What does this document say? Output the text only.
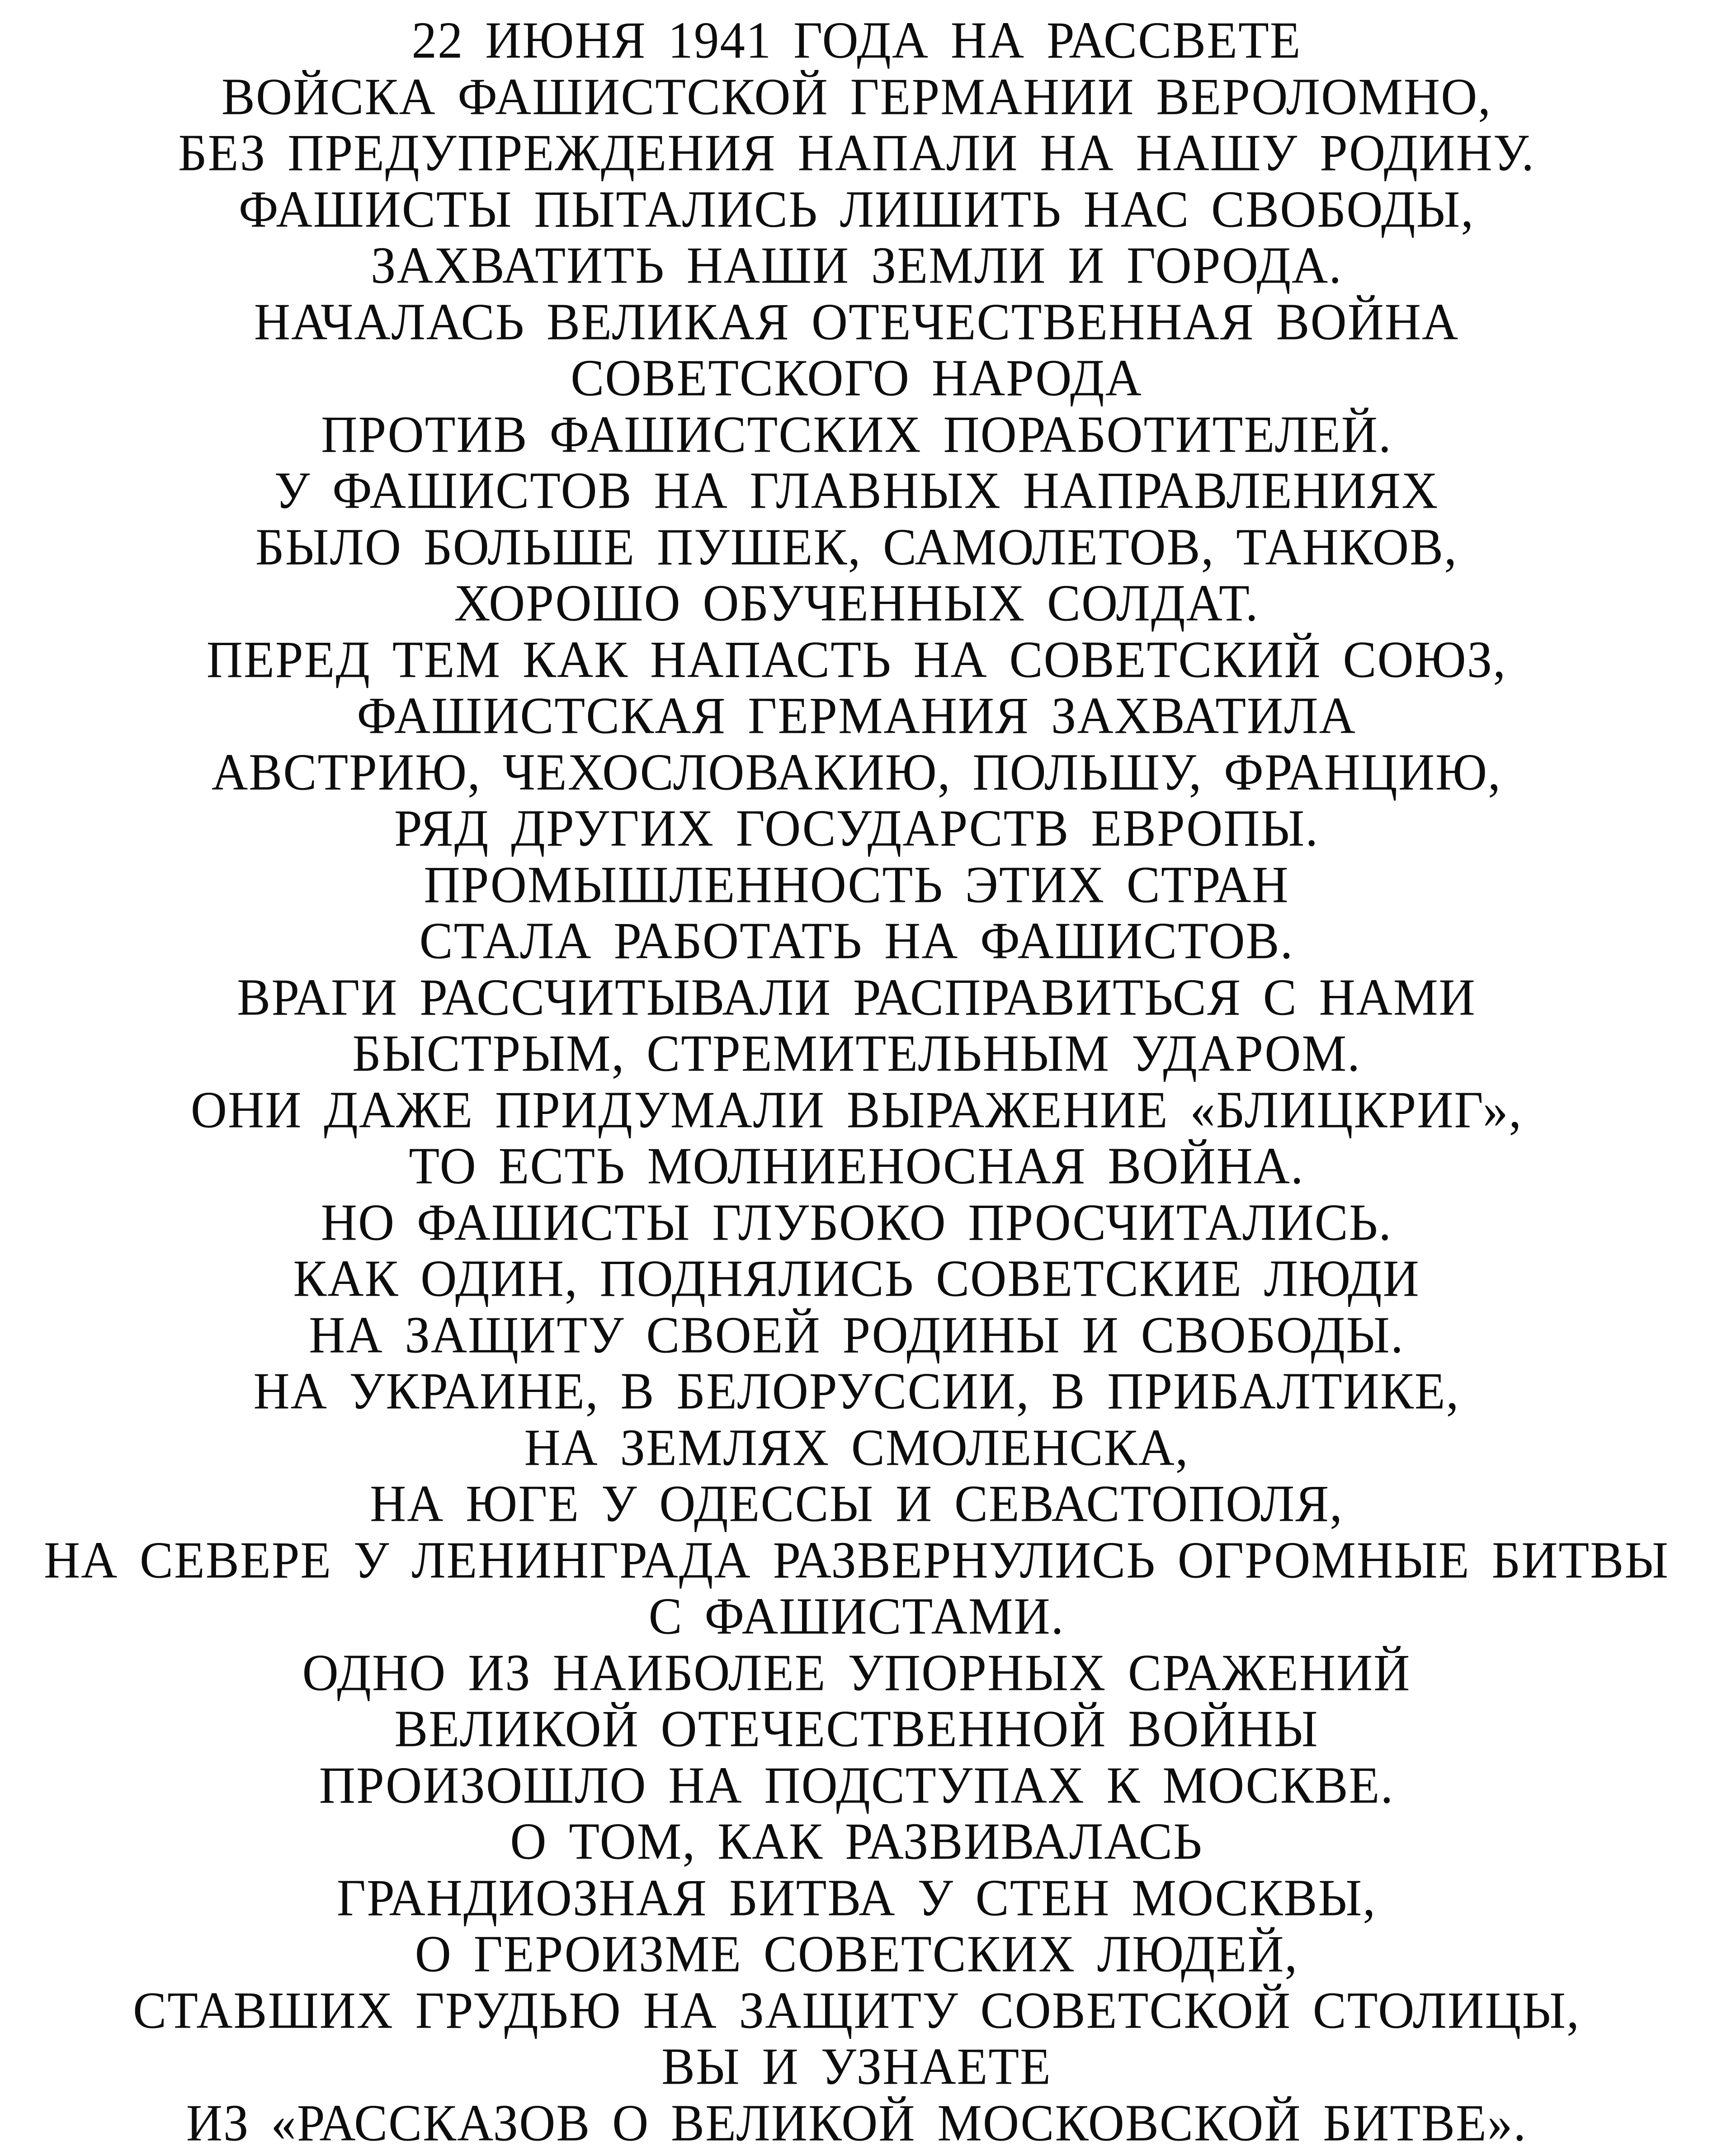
22 ИЮНЯ 1941 ГОДА НА РАССВЕТЕ
ВОЙСКА ФАШИСТСКОЙ ГЕРМАНИИ ВЕРОЛОМНО,
БЕЗ ПРЕДУПРЕЖДЕНИЯ НАПАЛИ НА НАШУ РОДИНУ.
ФАШИСТЫ ПЫТАЛИСЬ ЛИШИТЬ НАС СВОБОДЫ,
ЗАХВАТИТЬ НАШИ ЗЕМЛИ И ГОРОДА.
НАЧАЛАСЬ ВЕЛИКАЯ ОТЕЧЕСТВЕННАЯ ВОЙНА
СОВЕТСКОГО НАРОДА
ПРОТИВ ФАШИСТСКИХ ПОРАБОТИТЕЛЕЙ.
У ФАШИСТОВ НА ГЛАВНЫХ НАПРАВЛЕНИЯХ
БЫЛО БОЛЬШЕ ПУШЕК, САМОЛЕТОВ, ТАНКОВ,
ХОРОШО ОБУЧЕННЫХ СОЛДАТ.
ПЕРЕД ТЕМ КАК НАПАСТЬ НА СОВЕТСКИЙ СОЮЗ,
ФАШИСТСКАЯ ГЕРМАНИЯ ЗАХВАТИЛА
АВСТРИЮ, ЧЕХОСЛОВАКИЮ, ПОЛЬШУ, ФРАНЦИЮ,
РЯД ДРУГИХ ГОСУДАРСТВ ЕВРОПЫ.
ПРОМЫШЛЕННОСТЬ ЭТИХ СТРАН
СТАЛА РАБОТАТЬ НА ФАШИСТОВ.
ВРАГИ РАССЧИТЫВАЛИ РАСПРАВИТЬСЯ С НАМИ
БЫСТРЫМ, СТРЕМИТЕЛЬНЫМ УДАРОМ.
ОНИ ДАЖЕ ПРИДУМАЛИ ВЫРАЖЕНИЕ «БЛИЦКРИГ»,
ТО ЕСТЬ МОЛНИЕНОСНАЯ ВОЙНА.
НО ФАШИСТЫ ГЛУБОКО ПРОСЧИТАЛИСЬ.
КАК ОДИН, ПОДНЯЛИСЬ СОВЕТСКИЕ ЛЮДИ
НА ЗАЩИТУ СВОЕЙ РОДИНЫ И СВОБОДЫ.
НА УКРАИНЕ, В БЕЛОРУССИИ, В ПРИБАЛТИКЕ,
НА ЗЕМЛЯХ СМОЛЕНСКА,
НА ЮГЕ У ОДЕССЫ И СЕВАСТОПОЛЯ,
НА СЕВЕРЕ У ЛЕНИНГРАДА РАЗВЕРНУЛИСЬ ОГРОМНЫЕ БИТВЫ
С ФАШИСТАМИ.
ОДНО ИЗ НАИБОЛЕЕ УПОРНЫХ СРАЖЕНИЙ
ВЕЛИКОЙ ОТЕЧЕСТВЕННОЙ ВОЙНЫ
ПРОИЗОШЛО НА ПОДСТУПАХ К МОСКВЕ.
О ТОМ, КАК РАЗВИВАЛАСЬ
ГРАНДИОЗНАЯ БИТВА У СТЕН МОСКВЫ,
О ГЕРОИЗМЕ СОВЕТСКИХ ЛЮДЕЙ,
СТАВШИХ ГРУДЬЮ НА ЗАЩИТУ СОВЕТСКОЙ СТОЛИЦЫ,
ВЫ И УЗНАЕТЕ
ИЗ «РАССКАЗОВ О ВЕЛИКОЙ МОСКОВСКОЙ БИТВЕ».
